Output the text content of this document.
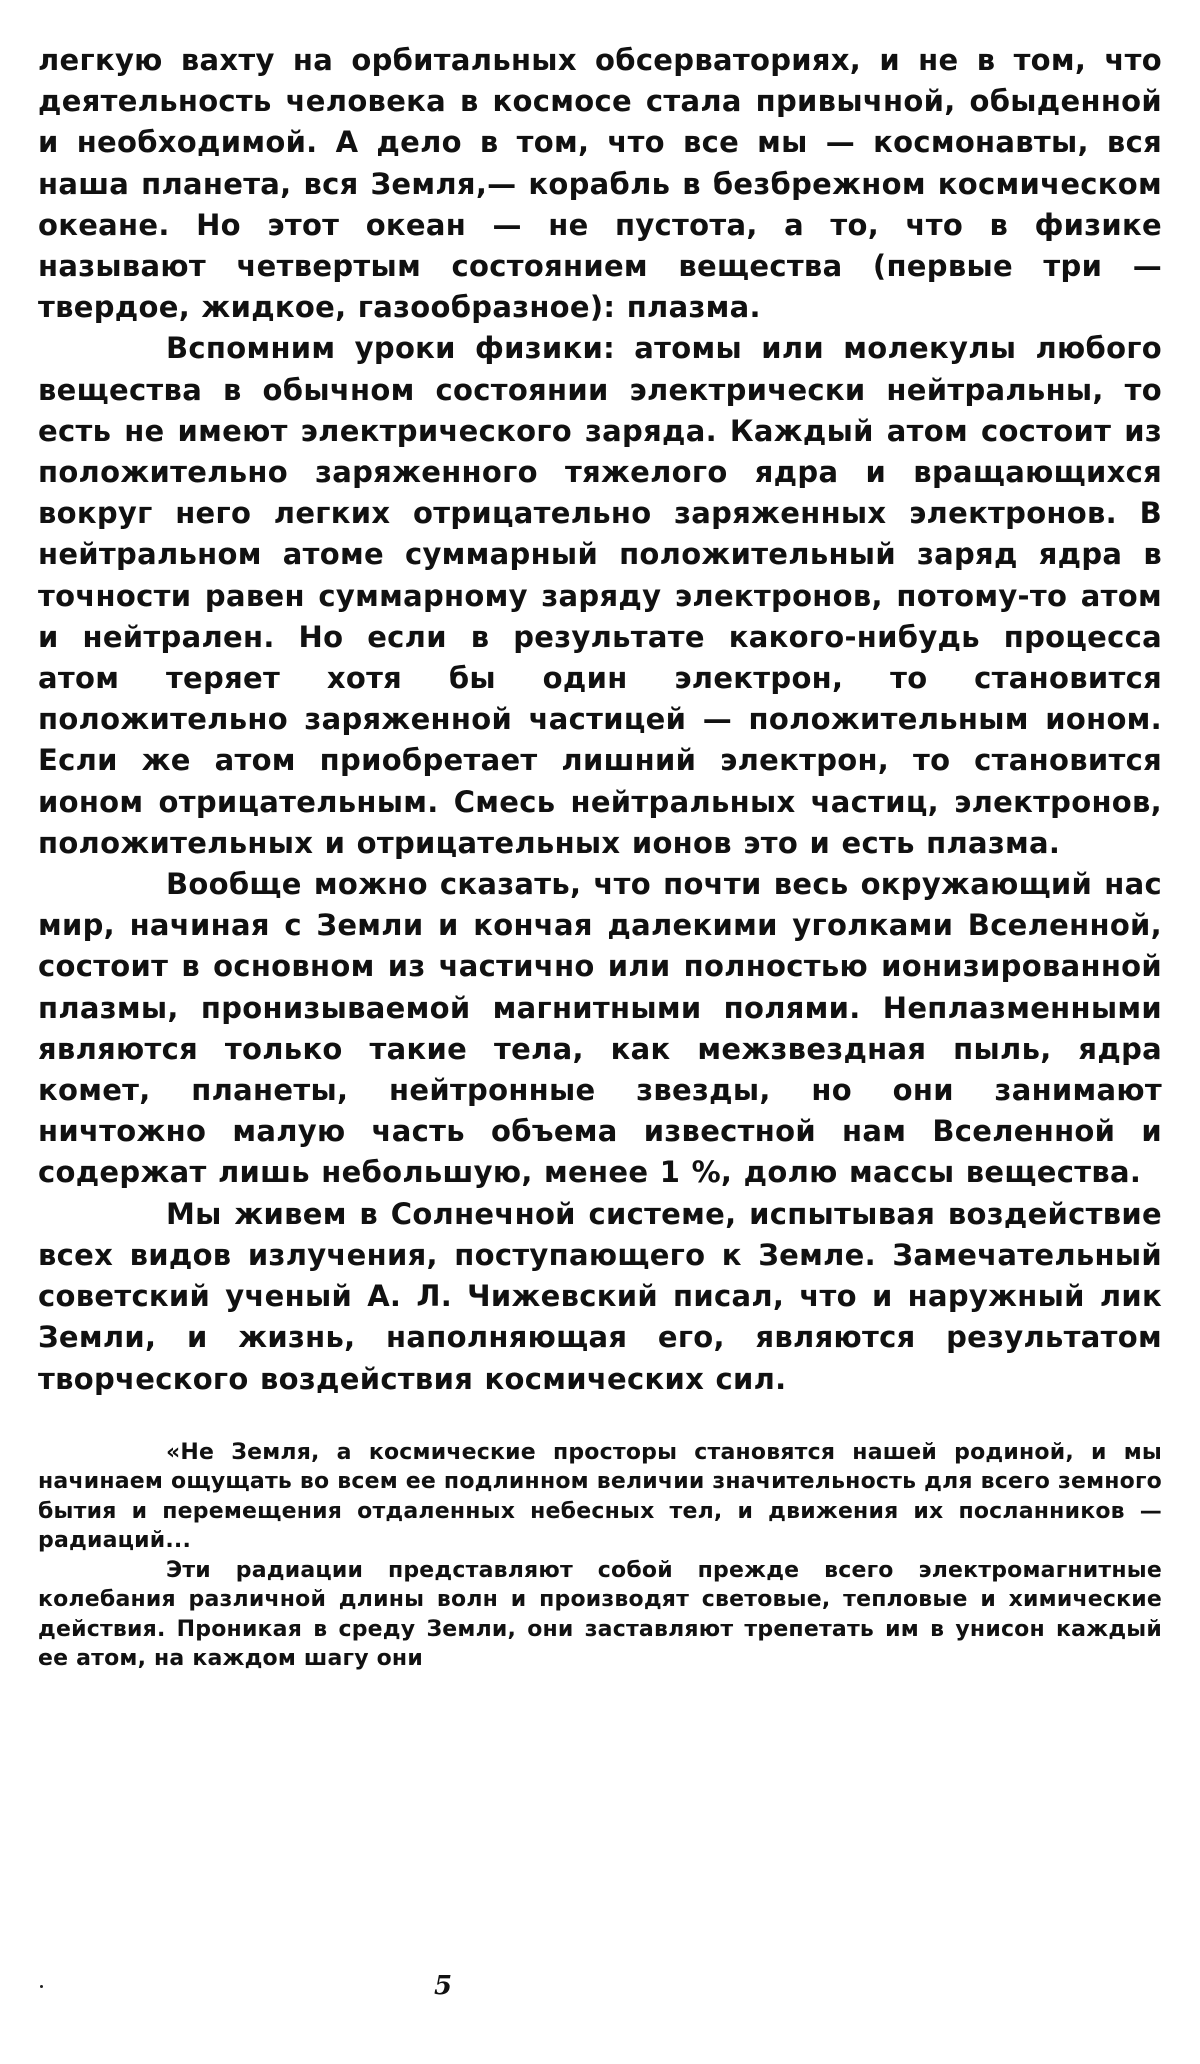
легкую вахту на орбитальных обсерваториях, и не в том, что деятельность человека в космосе стала привычной, обыденной и необходимой. А дело в том, что все мы — космонавты, вся наша планета, вся Земля,— корабль в безбрежном космическом океане. Но этот океан — не пустота, а то, что в физике называют четвертым состоянием вещества (первые три — твердое, жидкое, газообразное): плазма.

Вспомним уроки физики: атомы или молекулы любого вещества в обычном состоянии электрически нейтральны, то есть не имеют электрического заряда. Каждый атом состоит из положительно заряженного тяжелого ядра и вращающихся вокруг него легких отрицательно заряженных электронов. В нейтральном атоме суммарный положительный заряд ядра в точности равен суммарному заряду электронов, потому-то атом и нейтрален. Но если в результате какого-нибудь процесса атом теряет хотя бы один электрон, то становится положительно заряженной частицей — положительным ионом. Если же атом приобретает лишний электрон, то становится ионом отрицательным. Смесь нейтральных частиц, электронов, положительных и отрицательных ионов это и есть плазма.

Вообще можно сказать, что почти весь окружающий нас мир, начиная с Земли и кончая далекими уголками Вселенной, состоит в основном из частично или полностью ионизированной плазмы, пронизываемой магнитными полями. Неплазменными являются только такие тела, как межзвездная пыль, ядра комет, планеты, нейтронные звезды, но они занимают ничтожно малую часть объема известной нам Вселенной и содержат лишь небольшую, менее 1 %, долю массы вещества.

Мы живем в Солнечной системе, испытывая воздействие всех видов излучения, поступающего к Земле. Замечательный советский ученый А. Л. Чижевский писал, что и наружный лик Земли, и жизнь, наполняющая его, являются результатом творческого воздействия космических сил.

«Не Земля, а космические просторы становятся нашей родиной, и мы начинаем ощущать во всем ее подлинном величии значительность для всего земного бытия и перемещения отдаленных небесных тел, и движения их посланников — радиаций...

Эти радиации представляют собой прежде всего электромагнитные колебания различной длины волн и производят световые, тепловые и химические действия. Проникая в среду Земли, они заставляют трепетать им в унисон каждый ее атом, на каждом шагу они

5
